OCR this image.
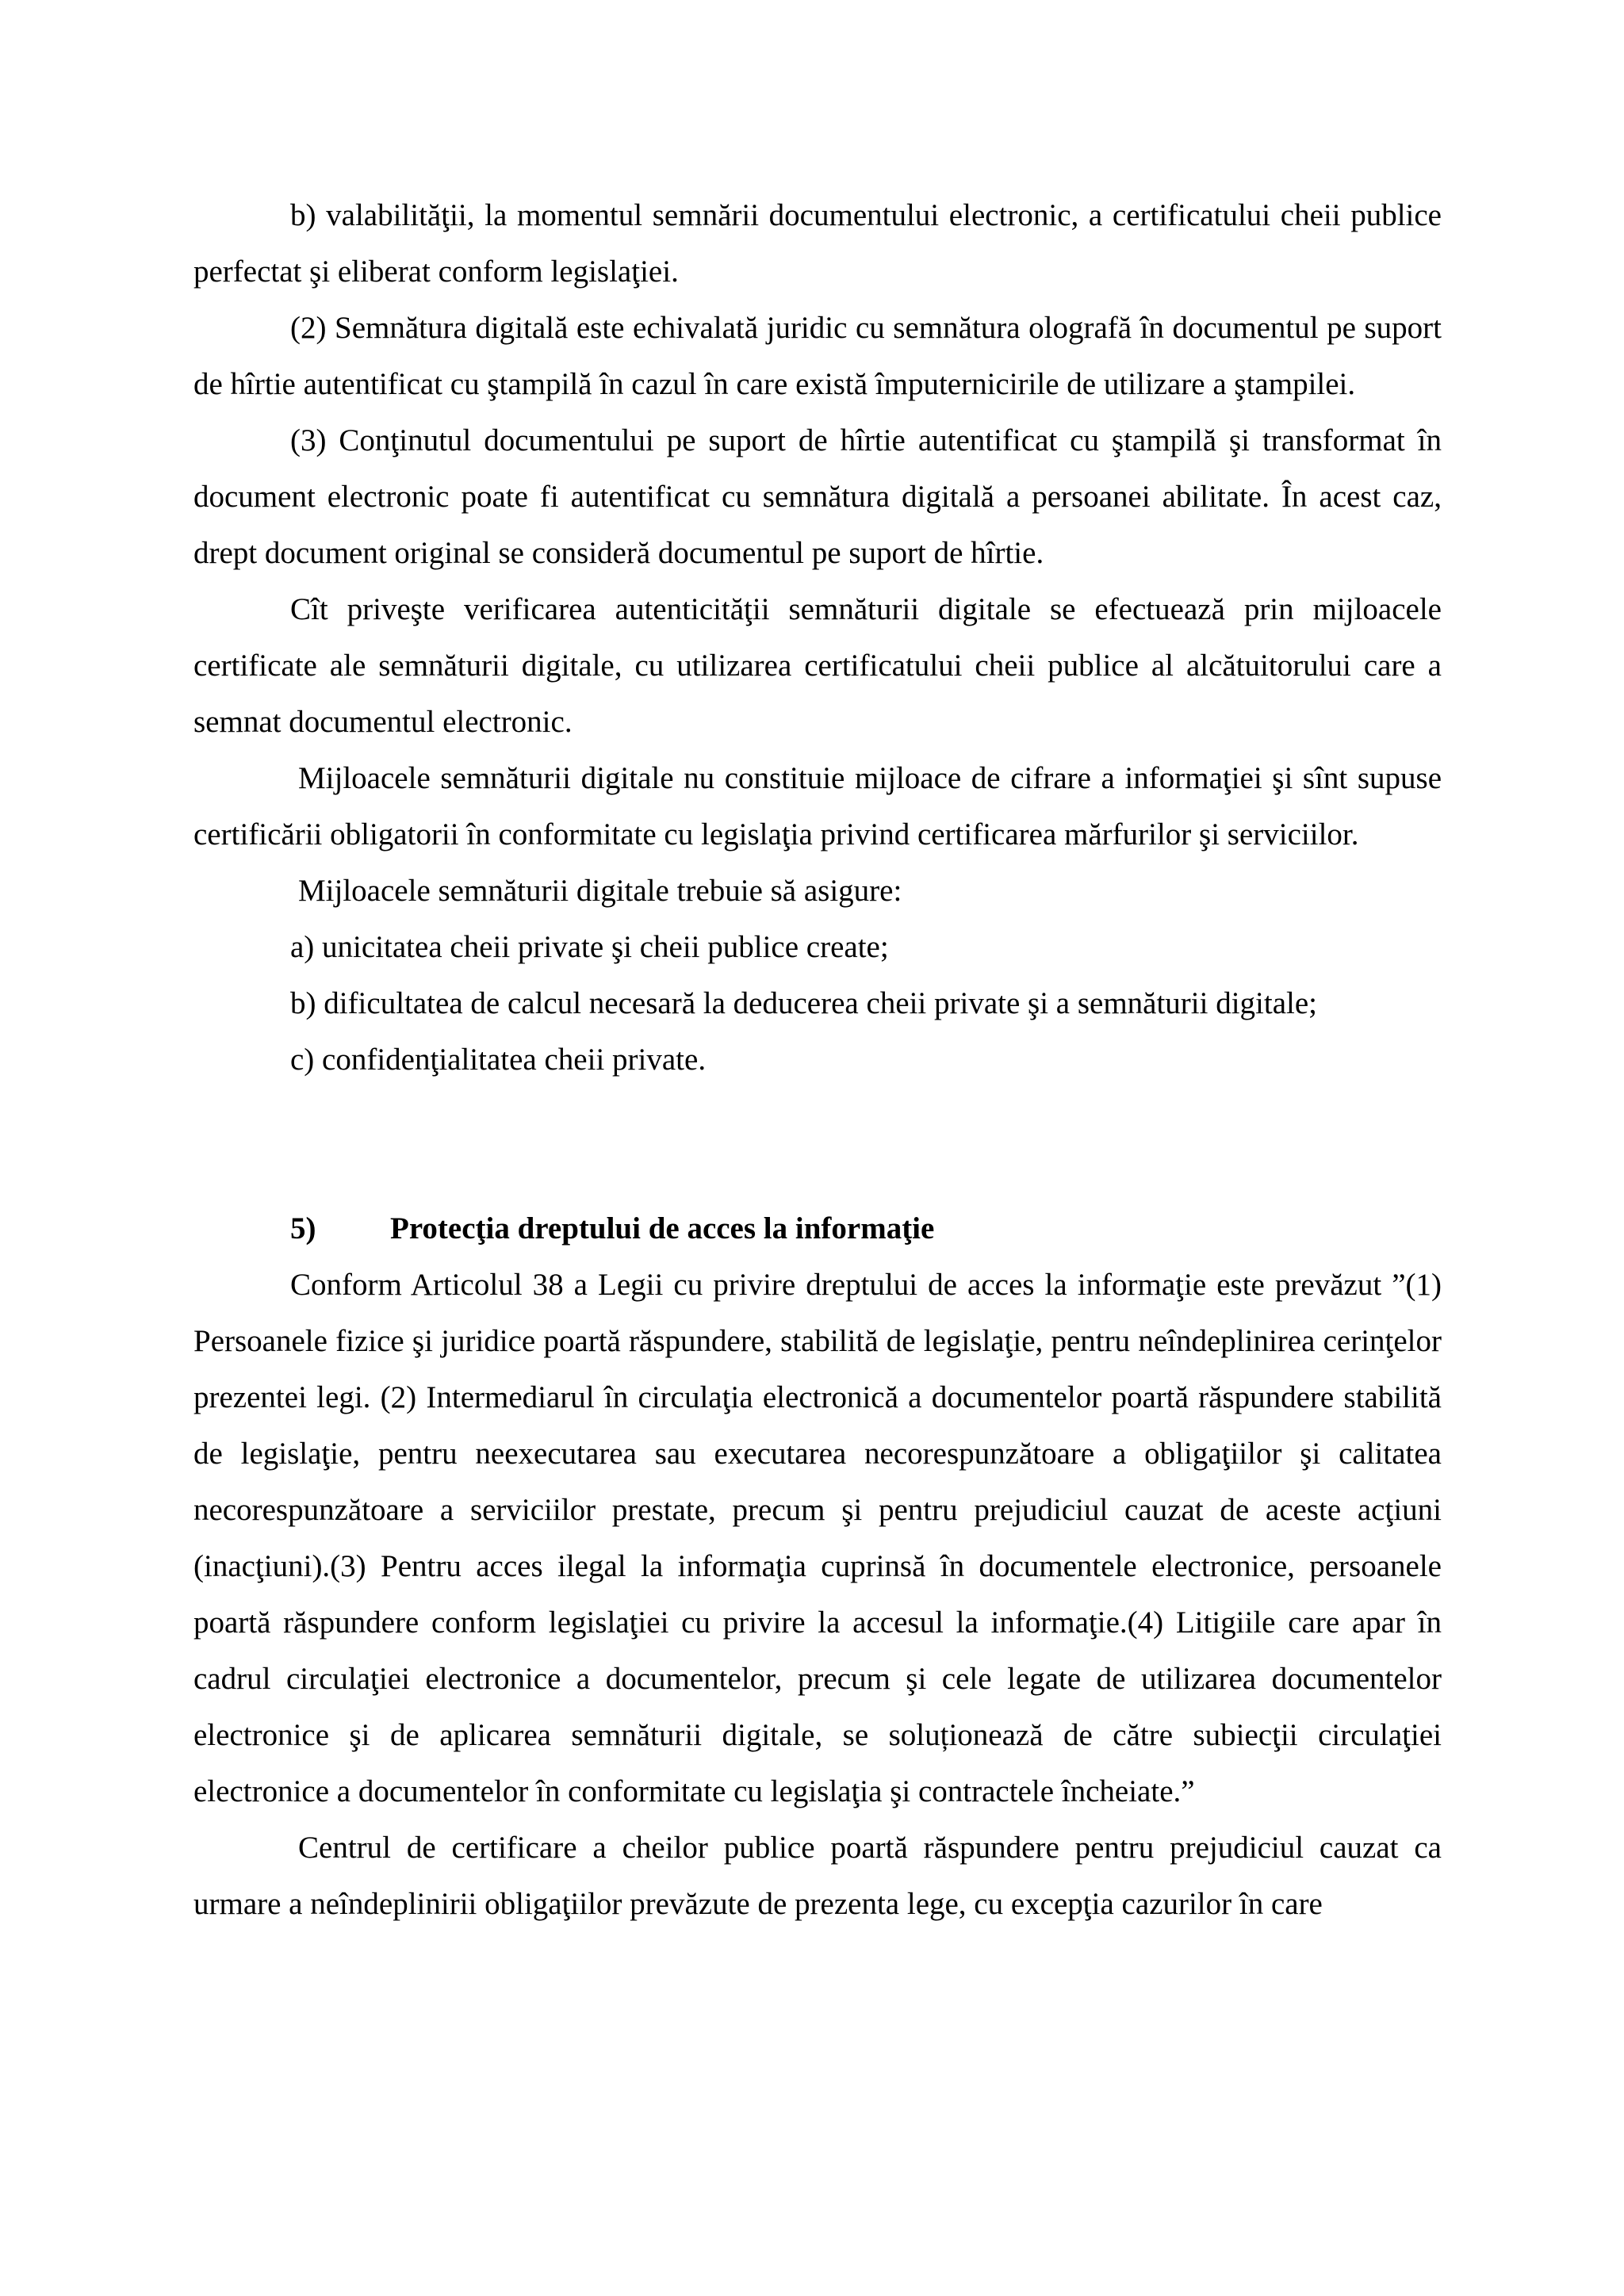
b) valabilităţii, la momentul semnării documentului electronic, a certificatului cheii publice perfectat şi eliberat conform legislaţiei.

(2) Semnătura digitală este echivalată juridic cu semnătura olografă în documentul pe suport de hîrtie autentificat cu ştampilă în cazul în care există împuternicirile de utilizare a ştampilei.

(3) Conţinutul documentului pe suport de hîrtie autentificat cu ştampilă şi transformat în document electronic poate fi autentificat cu semnătura digitală a persoanei abilitate. În acest caz, drept document original se consideră documentul pe suport de hîrtie.

Cît priveşte verificarea autenticităţii semnăturii digitale se efectuează prin mijloacele certificate ale semnăturii digitale, cu utilizarea certificatului cheii publice al alcătuitorului care a semnat documentul electronic.

Mijloacele semnăturii digitale nu constituie mijloace de cifrare a informaţiei şi sînt supuse certificării obligatorii în conformitate cu legislaţia privind certificarea mărfurilor şi serviciilor.

Mijloacele semnăturii digitale trebuie să asigure:

a) unicitatea cheii private şi cheii publice create;

b) dificultatea de calcul necesară la deducerea cheii private şi a semnăturii digitale;

c) confidenţialitatea cheii private.

5) Protecţia dreptului de acces la informaţie

Conform Articolul 38 a Legii cu privire dreptului de acces la informaţie este prevăzut ”(1) Persoanele fizice şi juridice poartă răspundere, stabilită de legislaţie, pentru neîndeplinirea cerinţelor prezentei legi. (2) Intermediarul în circulaţia electronică a documentelor poartă răspundere stabilită de legislaţie, pentru neexecutarea sau executarea necorespunzătoare a obligaţiilor şi calitatea necorespunzătoare a serviciilor prestate, precum şi pentru prejudiciul cauzat de aceste acţiuni (inacţiuni).(3) Pentru acces ilegal la informaţia cuprinsă în documentele electronice, persoanele poartă răspundere conform legislaţiei cu privire la accesul la informaţie.(4) Litigiile care apar în cadrul circulaţiei electronice a documentelor, precum şi cele legate de utilizarea documentelor electronice şi de aplicarea semnăturii digitale, se soluționează de către subiecţii circulaţiei electronice a documentelor în conformitate cu legislaţia şi contractele încheiate.”

Centrul de certificare a cheilor publice poartă răspundere pentru prejudiciul cauzat ca urmare a neîndeplinirii obligaţiilor prevăzute de prezenta lege, cu excepţia cazurilor în care
